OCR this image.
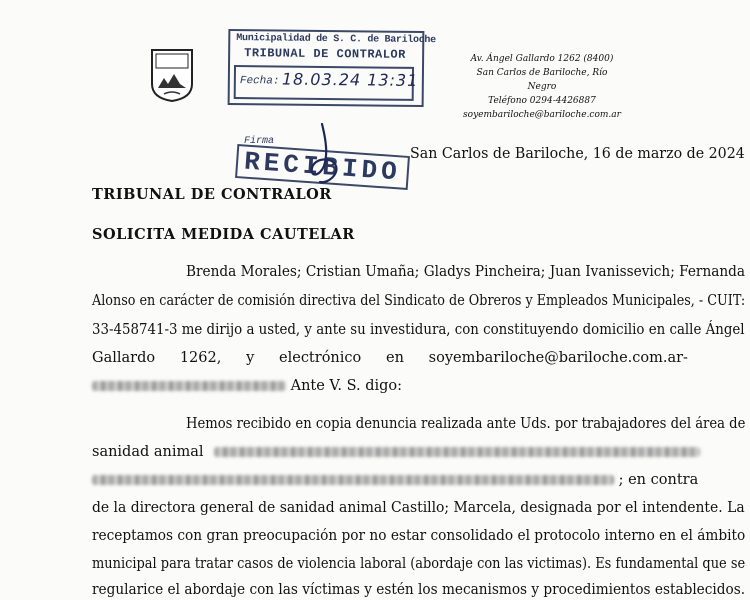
Municipalidad de S. C. de Bariloche
TRIBUNAL DE CONTRALOR
Fecha: 18.03.24 13:31
Firma
RECIBIDO
Av. Ángel Gallardo 1262 (8400)
San Carlos de Bariloche, Río Negro
Teléfono 0294-4426887
soyembariloche@bariloche.com.ar
San Carlos de Bariloche, 16 de marzo de 2024
TRIBUNAL DE CONTRALOR
SOLICITA MEDIDA CAUTELAR
Brenda Morales; Cristian Umaña; Gladys Pincheira; Juan Ivanissevich; Fernanda
Alonso en carácter de comisión directiva del Sindicato de Obreros y Empleados Municipales, - CUIT:
33-458741-3 me dirijo a usted, y ante su investidura, con constituyendo domicilio en calle Ángel
Gallardo 1262, y electrónico en soyembariloche@bariloche.com.ar-
Ante V. S. digo:
Hemos recibido en copia denuncia realizada ante Uds. por trabajadores del área de
sanidad animal
; en contra
de la directora general de sanidad animal Castillo; Marcela, designada por el intendente. La
receptamos con gran preocupación por no estar consolidado el protocolo interno en el ámbito
municipal para tratar casos de violencia laboral (abordaje con las victimas). Es fundamental que se
regularice el abordaje con las víctimas y estén los mecanismos y procedimientos establecidos.
